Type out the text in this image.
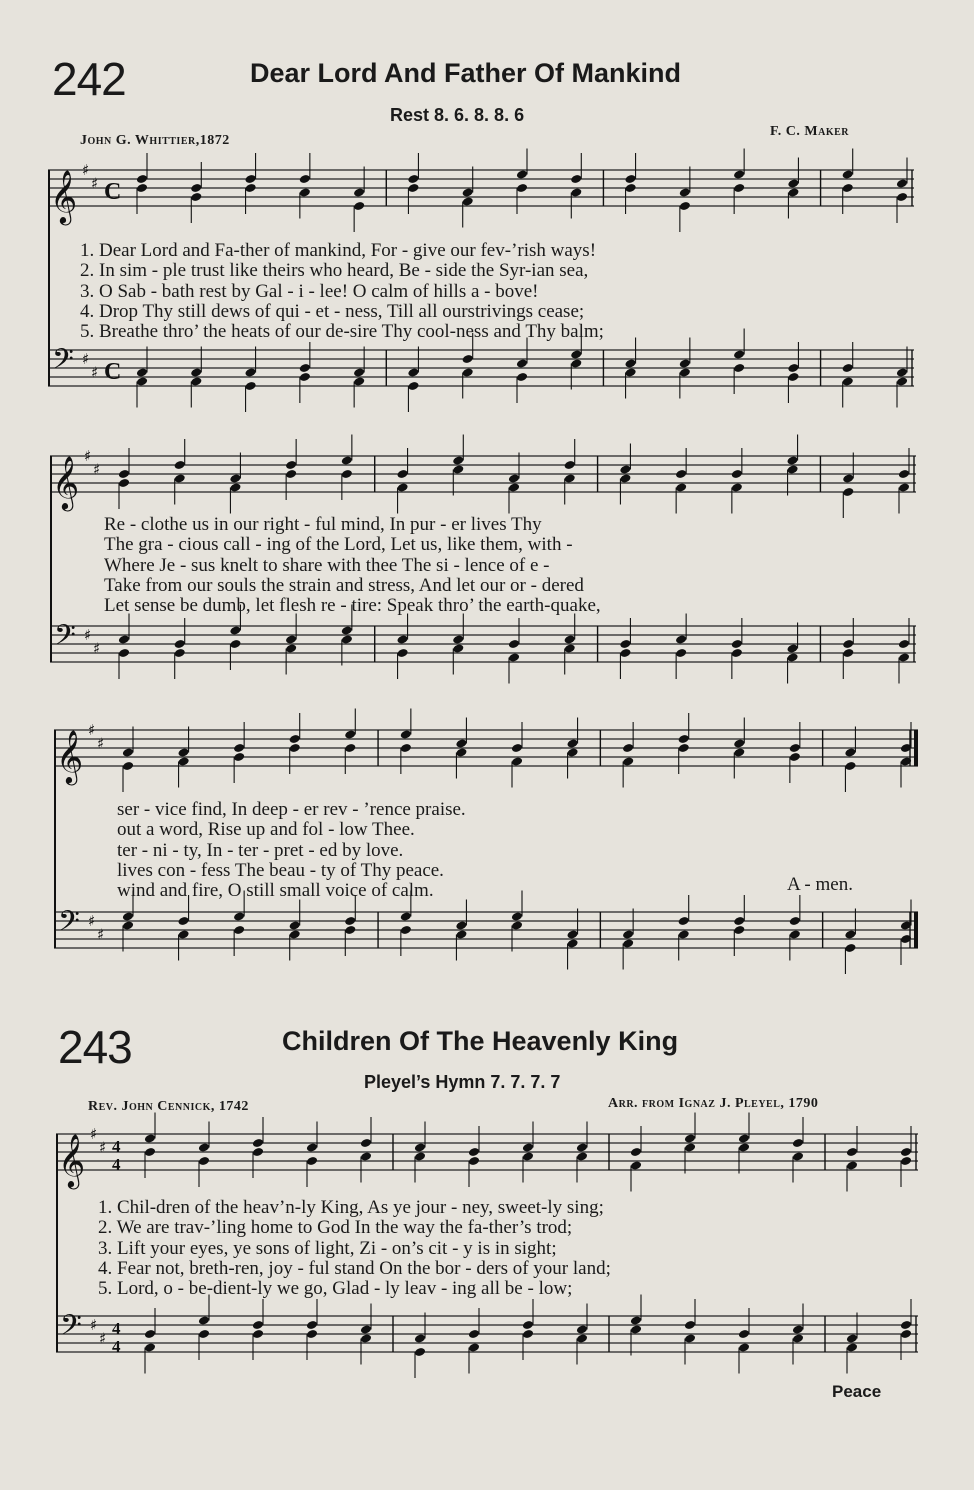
242	Dear Lord And Father Of Mankind
Rest 8. 6. 8. 8. 6
John G. Whittier,1872
F. C. Maker
𝄞 ♯
♯ C
𝄢 ♯
♯ C
1. Dear Lord and Fa-ther of mankind, For - give our fev-’rish ways!
2. In sim - ple trust like theirs who heard, Be - side the Syr-ian sea,
3. O Sab - bath rest by Gal - i - lee! O calm of hills a - bove!
4. Drop Thy still dews of qui - et - ness, Till all ourstrivings cease;
5. Breathe thro’ the heats of our de-sire Thy cool-ness and Thy balm;
𝄞 ♯
♯
𝄢 ♯
♯
Re - clothe us in our right - ful mind, In pur - er lives Thy
The gra - cious call - ing of the Lord, Let us, like them, with -
Where Je - sus knelt to share with thee The si - lence of e -
Take from our souls the strain and stress, And let our or - dered
Let sense be dumb, let flesh re - tire: Speak thro’ the earth-quake,
𝄞 ♯
♯
𝄢 ♯
♯
ser - vice find, In deep - er rev - ’rence praise.
out a word, Rise up and fol - low Thee.
ter - ni - ty, In - ter - pret - ed by love.
lives con - fess The beau - ty of Thy peace.
wind and fire, O still small voice of calm.	A - men.
243	Children Of The Heavenly King
Pleyel’s Hymn 7. 7. 7. 7
Rev. John Cennick, 1742	Arr. from Ignaz J. Pleyel, 1790
𝄞 ♯
♯ 4
4
𝄢 ♯
♯
4
4
1. Chil-dren of the heav’n-ly King, As ye jour - ney, sweet-ly sing;
2. We are trav-’ling home to God In the way the fa-ther’s trod;
3. Lift your eyes, ye sons of light, Zi - on’s cit - y is in sight;
4. Fear not, breth-ren, joy - ful stand On the bor - ders of your land;
5. Lord, o - be-dient-ly we go, Glad - ly leav - ing all be - low;
Peace
